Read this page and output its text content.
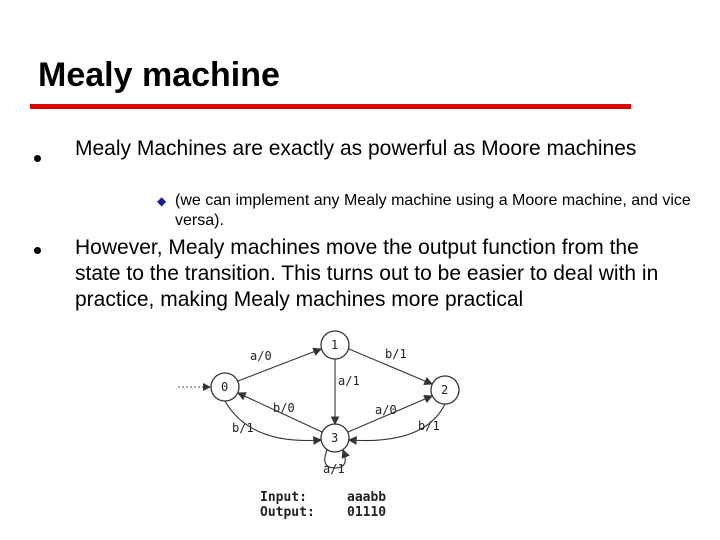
Mealy machine
Mealy Machines are exactly as powerful as Moore machines
◆ (we can implement any Mealy machine using a Moore machine, and vice versa).
However, Mealy machines move the output function from the state to the transition. This turns out to be easier to deal with in practice, making Mealy machines more practical
0
1
2
3
a/0	b/1
a/1
b/0	a/0
b/1	b/1
a/1
Input:	aaabb
Output: 01110
